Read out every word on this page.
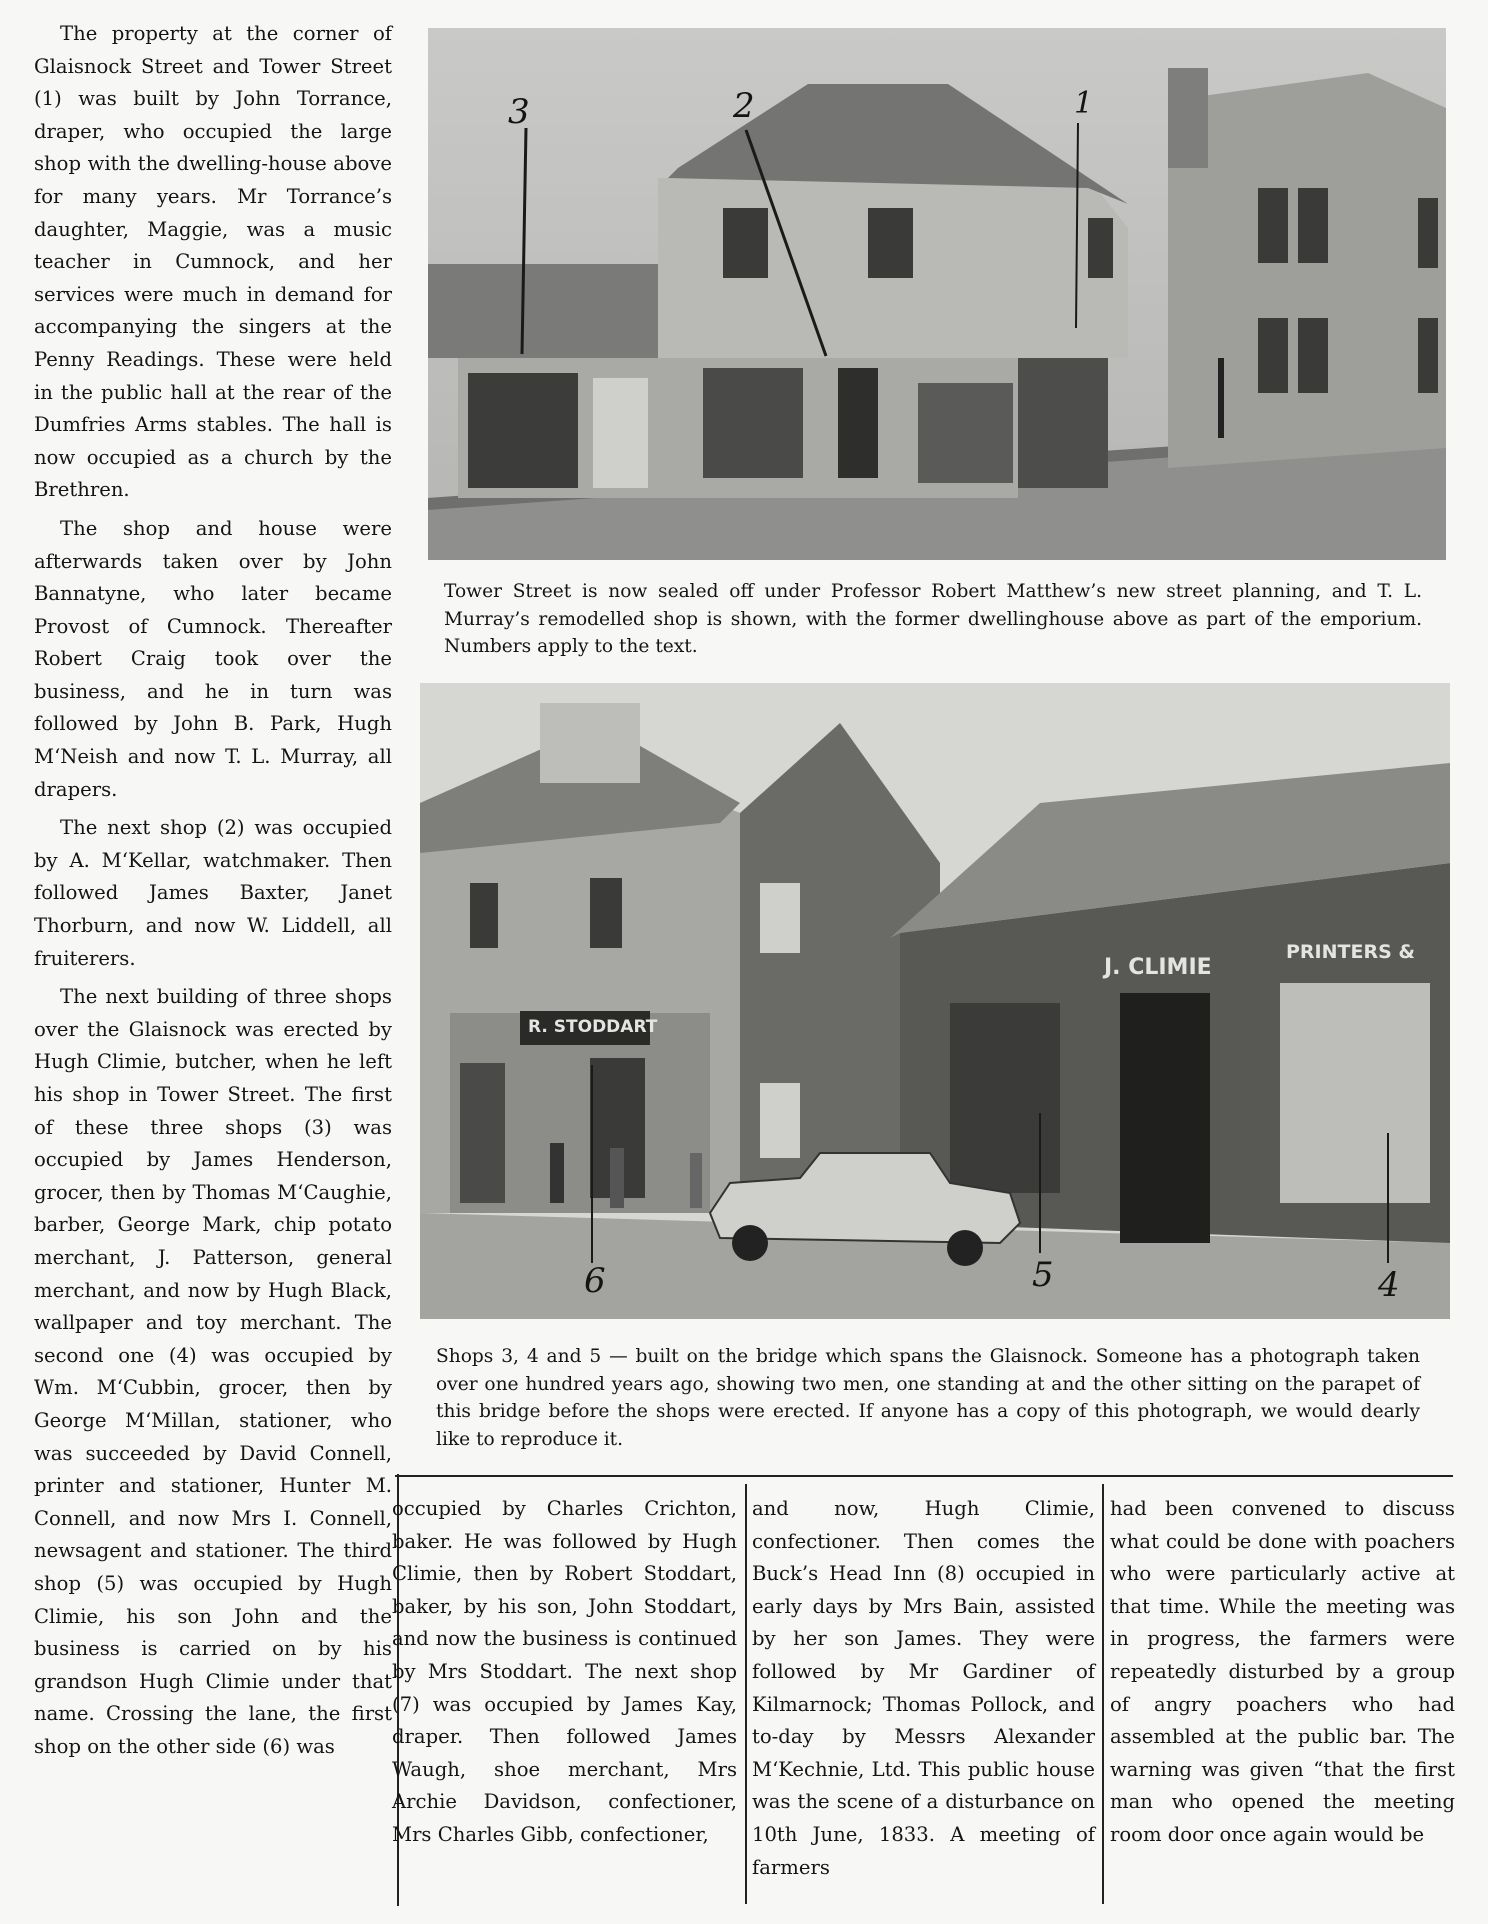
The property at the corner of Glaisnock Street and Tower Street (1) was built by John Torrance, draper, who occupied the large shop with the dwelling-house above for many years. Mr Torrance’s daughter, Maggie, was a music teacher in Cumnock, and her services were much in demand for accompanying the singers at the Penny Readings. These were held in the public hall at the rear of the Dumfries Arms stables. The hall is now occupied as a church by the Brethren.

The shop and house were afterwards taken over by John Bannatyne, who later became Provost of Cumnock. Thereafter Robert Craig took over the business, and he in turn was followed by John B. Park, Hugh M‘Neish and now T. L. Murray, all drapers.

The next shop (2) was occupied by A. M‘Kellar, watchmaker. Then followed James Baxter, Janet Thorburn, and now W. Liddell, all fruiterers.

The next building of three shops over the Glaisnock was erected by Hugh Climie, butcher, when he left his shop in Tower Street. The first of these three shops (3) was occupied by James Henderson, grocer, then by Thomas M‘Caughie, barber, George Mark, chip potato merchant, J. Patterson, general merchant, and now by Hugh Black, wallpaper and toy merchant. The second one (4) was occupied by Wm. M‘Cubbin, grocer, then by George M‘Millan, stationer, who was succeeded by David Connell, printer and stationer, Hunter M. Connell, and now Mrs I. Connell, newsagent and stationer. The third shop (5) was occupied by Hugh Climie, his son John and the business is carried on by his grandson Hugh Climie under that name. Crossing the lane, the first shop on the other side (6) was

3	2	1
Tower Street is now sealed off under Professor Robert Matthew’s new street planning, and T. L. Murray’s remodelled shop is shown, with the former dwellinghouse above as part of the emporium. Numbers apply to the text.
R. STODDART
J. CLIMIE
PRINTERS &
6	5	4
Shops 3, 4 and 5 — built on the bridge which spans the Glaisnock. Someone has a photograph taken over one hundred years ago, showing two men, one standing at and the other sitting on the parapet of this bridge before the shops were erected. If anyone has a copy of this photograph, we would dearly like to reproduce it.

occupied by Charles Crichton, baker. He was followed by Hugh Climie, then by Robert Stoddart, baker, by his son, John Stoddart, and now the business is continued by Mrs Stoddart. The next shop (7) was occupied by James Kay, draper. Then followed James Waugh, shoe merchant, Mrs Archie Davidson, confectioner, Mrs Charles Gibb, confectioner,

and now, Hugh Climie, confectioner. Then comes the Buck’s Head Inn (8) occupied in early days by Mrs Bain, assisted by her son James. They were followed by Mr Gardiner of Kilmarnock; Thomas Pollock, and to-day by Messrs Alexander M‘Kechnie, Ltd. This public house was the scene of a disturbance on 10th June, 1833. A meeting of farmers

had been convened to discuss what could be done with poachers who were particularly active at that time. While the meeting was in progress, the farmers were repeatedly disturbed by a group of angry poachers who had assembled at the public bar. The warning was given “that the first man who opened the meeting room door once again would be
